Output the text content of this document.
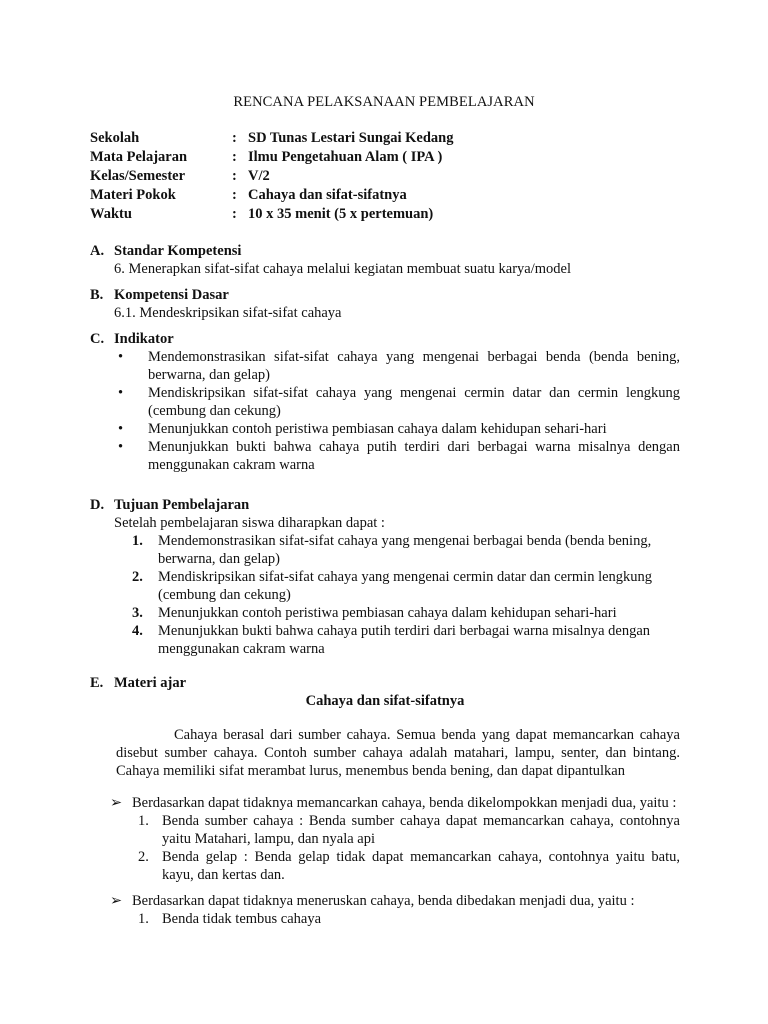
RENCANA PELAKSANAAN PEMBELAJARAN
Sekolah	: SD Tunas Lestari Sungai Kedang
Mata Pelajaran	: Ilmu Pengetahuan Alam ( IPA )
Kelas/Semester	: V/2
Materi Pokok	: Cahaya dan sifat-sifatnya
Waktu	: 10 x 35 menit (5 x pertemuan)
A. Standar Kompetensi
6. Menerapkan sifat-sifat cahaya melalui kegiatan membuat suatu karya/model
B. Kompetensi Dasar
6.1. Mendeskripsikan sifat-sifat cahaya
C. Indikator
•	Mendemonstrasikan sifat-sifat cahaya yang mengenai berbagai benda (benda bening, berwarna, dan gelap)
•	Mendiskripsikan sifat-sifat cahaya yang mengenai cermin datar dan cermin lengkung (cembung dan cekung)
•	Menunjukkan contoh peristiwa pembiasan cahaya dalam kehidupan sehari-hari
•	Menunjukkan bukti bahwa cahaya putih terdiri dari berbagai warna misalnya dengan menggunakan cakram warna
D. Tujuan Pembelajaran
Setelah pembelajaran siswa diharapkan dapat :
1.	Mendemonstrasikan sifat-sifat cahaya yang mengenai berbagai benda (benda bening, berwarna, dan gelap)
2.	Mendiskripsikan sifat-sifat cahaya yang mengenai cermin datar dan cermin lengkung (cembung dan cekung)
3.	Menunjukkan contoh peristiwa pembiasan cahaya dalam kehidupan sehari-hari
4.	Menunjukkan bukti bahwa cahaya putih terdiri dari berbagai warna misalnya dengan menggunakan cakram warna
E. Materi ajar
Cahaya dan sifat-sifatnya
Cahaya berasal dari sumber cahaya. Semua benda yang dapat memancarkan cahaya disebut sumber cahaya. Contoh sumber cahaya adalah matahari, lampu, senter, dan bintang. Cahaya memiliki sifat merambat lurus, menembus benda bening, dan dapat dipantulkan
➢ Berdasarkan dapat tidaknya memancarkan cahaya, benda dikelompokkan menjadi dua, yaitu :
1. Benda sumber cahaya : Benda sumber cahaya dapat memancarkan cahaya, contohnya yaitu Matahari, lampu, dan nyala api
2. Benda gelap : Benda gelap tidak dapat memancarkan cahaya, contohnya yaitu batu, kayu, dan kertas dan.
➢ Berdasarkan dapat tidaknya meneruskan cahaya, benda dibedakan menjadi dua, yaitu :
1. Benda tidak tembus cahaya
